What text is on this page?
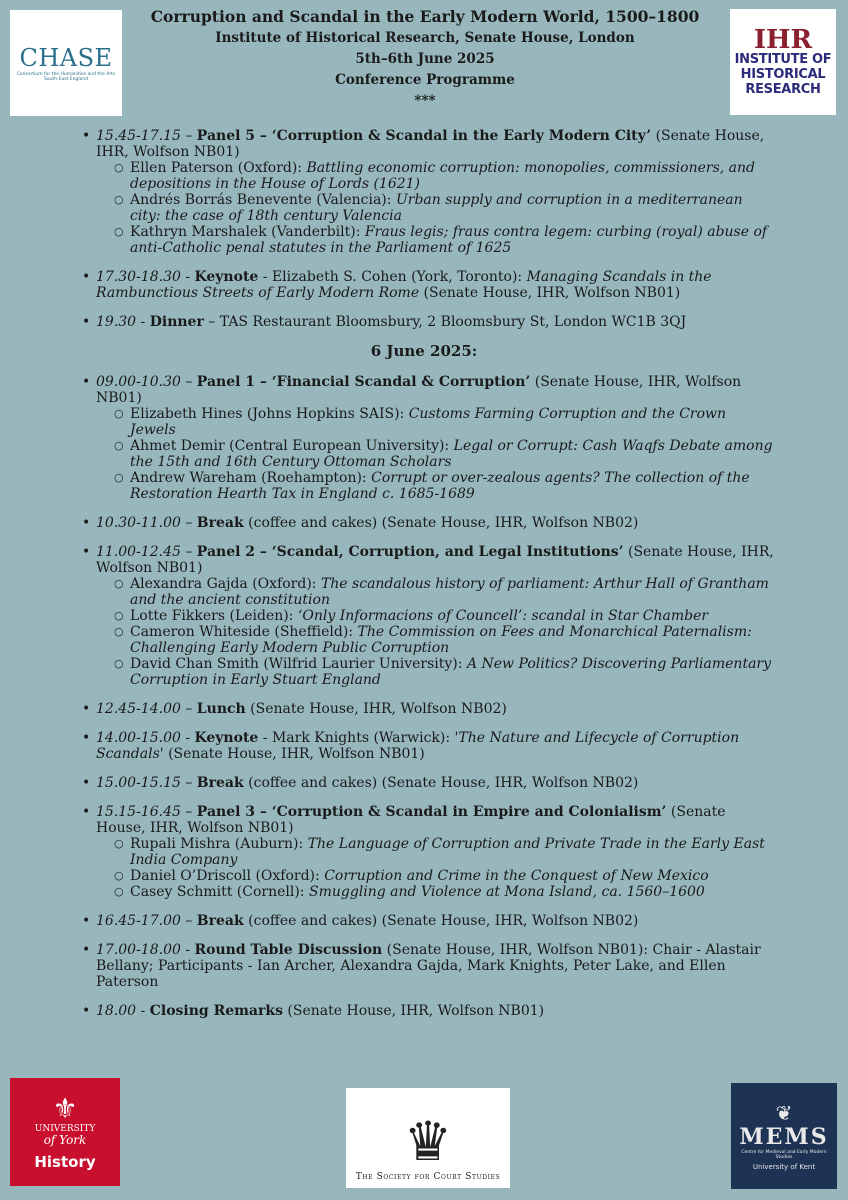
CHASE
Consortium for the Humanities and the Arts South-East England
Corruption and Scandal in the Early Modern World, 1500–1800
Institute of Historical Research, Senate House, London
5th–6th June 2025
Conference Programme
***
IHR
INSTITUTE OF
HISTORICAL
RESEARCH
• 15.45-17.15 – Panel 5 – ‘Corruption & Scandal in the Early Modern City’ (Senate House, IHR, Wolfson NB01)
○ Ellen Paterson (Oxford): Battling economic corruption: monopolies, commissioners, and depositions in the House of Lords (1621)
○ Andrés Borrás Benevente (Valencia): Urban supply and corruption in a mediterranean city: the case of 18th century Valencia
○ Kathryn Marshalek (Vanderbilt): Fraus legis; fraus contra legem: curbing (royal) abuse of anti-Catholic penal statutes in the Parliament of 1625
• 17.30-18.30 - Keynote - Elizabeth S. Cohen (York, Toronto): Managing Scandals in the Rambunctious Streets of Early Modern Rome (Senate House, IHR, Wolfson NB01)
• 19.30 - Dinner – TAS Restaurant Bloomsbury, 2 Bloomsbury St, London WC1B 3QJ
6 June 2025:
• 09.00-10.30 – Panel 1 – ‘Financial Scandal & Corruption’ (Senate House, IHR, Wolfson NB01)
○ Elizabeth Hines (Johns Hopkins SAIS): Customs Farming Corruption and the Crown Jewels
○ Ahmet Demir (Central European University): Legal or Corrupt: Cash Waqfs Debate among the 15th and 16th Century Ottoman Scholars
○ Andrew Wareham (Roehampton): Corrupt or over-zealous agents? The collection of the Restoration Hearth Tax in England c. 1685-1689
• 10.30-11.00 – Break (coffee and cakes) (Senate House, IHR, Wolfson NB02)
• 11.00-12.45 – Panel 2 – ‘Scandal, Corruption, and Legal Institutions’ (Senate House, IHR, Wolfson NB01)
○ Alexandra Gajda (Oxford): The scandalous history of parliament: Arthur Hall of Grantham and the ancient constitution
○ Lotte Fikkers (Leiden): ‘Only Informacions of Councell’: scandal in Star Chamber
○ Cameron Whiteside (Sheffield): The Commission on Fees and Monarchical Paternalism: Challenging Early Modern Public Corruption
○ David Chan Smith (Wilfrid Laurier University): A New Politics? Discovering Parliamentary Corruption in Early Stuart England
• 12.45-14.00 – Lunch (Senate House, IHR, Wolfson NB02)
• 14.00-15.00 - Keynote - Mark Knights (Warwick): 'The Nature and Lifecycle of Corruption Scandals' (Senate House, IHR, Wolfson NB01)
• 15.00-15.15 – Break (coffee and cakes) (Senate House, IHR, Wolfson NB02)
• 15.15-16.45 – Panel 3 – ‘Corruption & Scandal in Empire and Colonialism’ (Senate House, IHR, Wolfson NB01)
○ Rupali Mishra (Auburn): The Language of Corruption and Private Trade in the Early East India Company
○ Daniel O’Driscoll (Oxford): Corruption and Crime in the Conquest of New Mexico
○ Casey Schmitt (Cornell): Smuggling and Violence at Mona Island, ca. 1560–1600
• 16.45-17.00 – Break (coffee and cakes) (Senate House, IHR, Wolfson NB02)
• 17.00-18.00 - Round Table Discussion (Senate House, IHR, Wolfson NB01): Chair - Alastair Bellany; Participants - Ian Archer, Alexandra Gajda, Mark Knights, Peter Lake, and Ellen Paterson
• 18.00 - Closing Remarks (Senate House, IHR, Wolfson NB01)
⚜
UNIVERSITY
of York
History	♛
The Society for Court Studies
❦
MEMS
Centre for Medieval and Early Modern Studies
University of Kent
